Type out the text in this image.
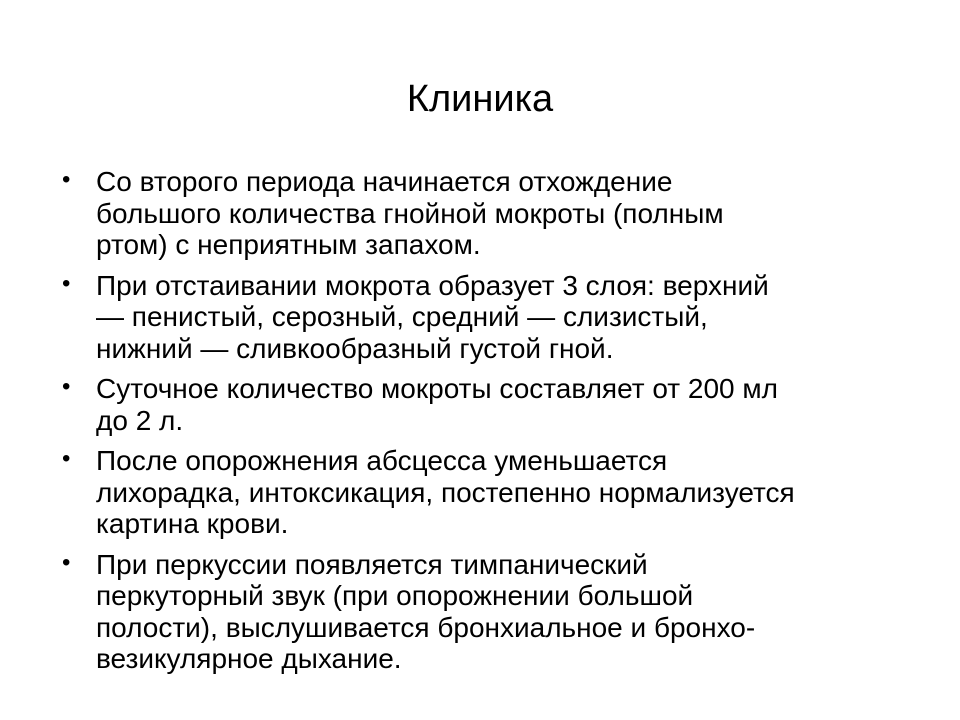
Клиника
• Со второго периода начинается отхождение
большого количества гнойной мокроты (полным
ртом) с неприятным запахом.
• При отстаивании мокрота образует 3 слоя: верхний
— пенистый, серозный, средний — слизистый,
нижний — сливкообразный густой гной.
• Суточное количество мокроты составляет от 200 мл
до 2 л.
• После опорожнения абсцесса уменьшается
лихорадка, интоксикация, постепенно нормализуется
картина крови.
• При перкуссии появляется тимпанический
перкуторный звук (при опорожнении большой
полости), выслушивается бронхиальное и бронхо-
везикулярное дыхание.
